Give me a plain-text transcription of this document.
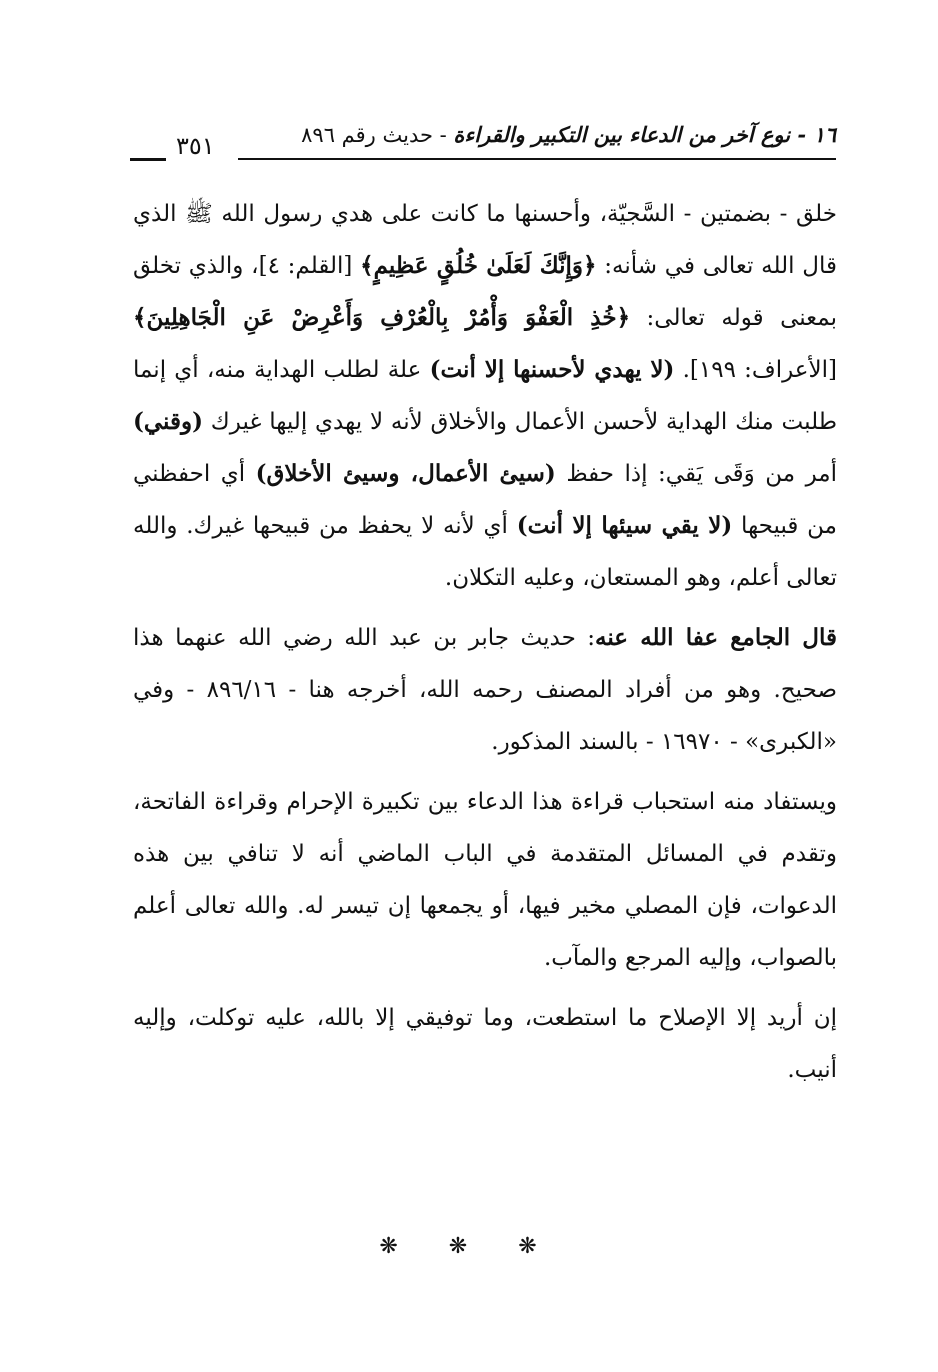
١٦ - نوع آخر من الدعاء بين التكبير والقراءة - حديث رقم ٨٩٦
٣٥١

خلق - بضمتين - السَّجيّة، وأحسنها ما كانت على هدي رسول الله ﷺ الذي قال الله تعالى في شأنه: ﴿وَإِنَّكَ لَعَلَىٰ خُلُقٍ عَظِيمٍ﴾ [القلم: ٤]، والذي تخلق بمعنى قوله تعالى: ﴿خُذِ الْعَفْوَ وَأْمُرْ بِالْعُرْفِ وَأَعْرِضْ عَنِ الْجَاهِلِينَ﴾ [الأعراف: ١٩٩]. (لا يهدي لأحسنها إلا أنت) علة لطلب الهداية منه، أي إنما طلبت منك الهداية لأحسن الأعمال والأخلاق لأنه لا يهدي إليها غيرك (وقني) أمر من وَقَى يَقي: إذا حفظ (سيئ الأعمال، وسيئ الأخلاق) أي احفظني من قبيحها (لا يقي سيئها إلا أنت) أي لأنه لا يحفظ من قبيحها غيرك. والله تعالى أعلم، وهو المستعان، وعليه التكلان.

قال الجامع عفا الله عنه: حديث جابر بن عبد الله رضي الله عنهما هذا صحيح. وهو من أفراد المصنف رحمه الله، أخرجه هنا - ٨٩٦/١٦ - وفي «الكبرى» - ١٦٩٧٠ - بالسند المذكور.

ويستفاد منه استحباب قراءة هذا الدعاء بين تكبيرة الإحرام وقراءة الفاتحة، وتقدم في المسائل المتقدمة في الباب الماضي أنه لا تنافي بين هذه الدعوات، فإن المصلي مخير فيها، أو يجمعها إن تيسر له. والله تعالى أعلم بالصواب، وإليه المرجع والمآب.

إن أريد إلا الإصلاح ما استطعت، وما توفيقي إلا بالله، عليه توكلت، وإليه أنيب.

❋ ❋ ❋
